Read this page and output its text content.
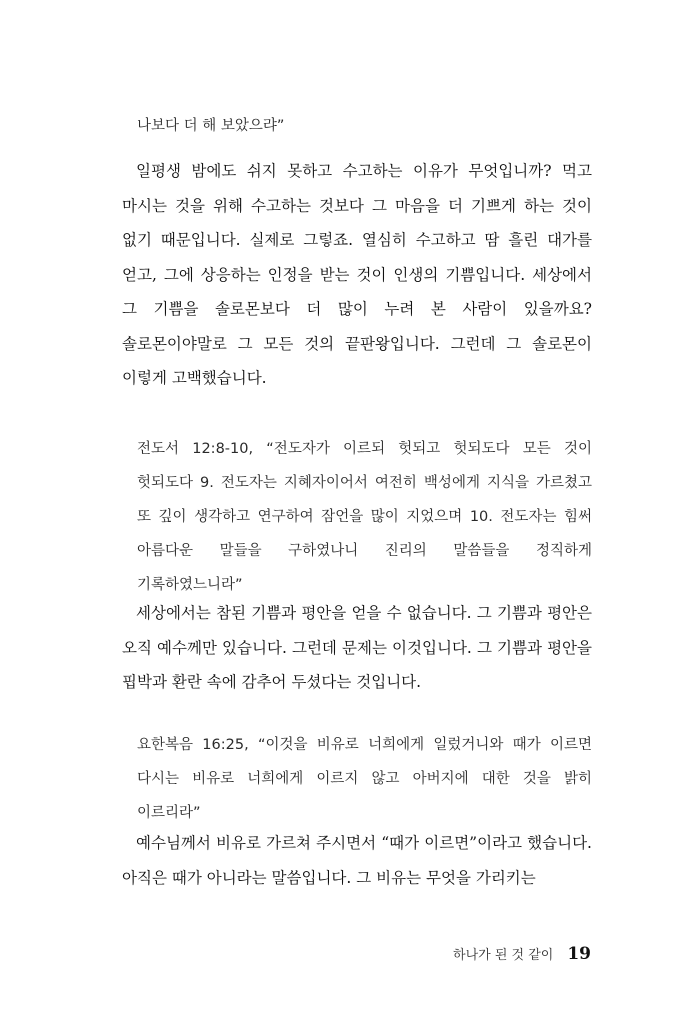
나보다 더 해 보았으랴”

일평생 밤에도 쉬지 못하고 수고하는 이유가 무엇입니까? 먹고 마시는 것을 위해 수고하는 것보다 그 마음을 더 기쁘게 하는 것이 없기 때문입니다. 실제로 그렇죠. 열심히 수고하고 땀 흘린 대가를 얻고, 그에 상응하는 인정을 받는 것이 인생의 기쁨입니다. 세상에서 그 기쁨을 솔로몬보다 더 많이 누려 본 사람이 있을까요? 솔로몬이야말로 그 모든 것의 끝판왕입니다. 그런데 그 솔로몬이 이렇게 고백했습니다.

전도서 12:8-10, “전도자가 이르되 헛되고 헛되도다 모든 것이 헛되도다 9. 전도자는 지혜자이어서 여전히 백성에게 지식을 가르쳤고 또 깊이 생각하고 연구하여 잠언을 많이 지었으며 10. 전도자는 힘써 아름다운 말들을 구하였나니 진리의 말씀들을 정직하게 기록하였느니라”

세상에서는 참된 기쁨과 평안을 얻을 수 없습니다. 그 기쁨과 평안은 오직 예수께만 있습니다. 그런데 문제는 이것입니다. 그 기쁨과 평안을 핍박과 환란 속에 감추어 두셨다는 것입니다.

요한복음 16:25, “이것을 비유로 너희에게 일렀거니와 때가 이르면 다시는 비유로 너희에게 이르지 않고 아버지에 대한 것을 밝히 이르리라”

예수님께서 비유로 가르쳐 주시면서 “때가 이르면”이라고 했습니다. 아직은 때가 아니라는 말씀입니다. 그 비유는 무엇을 가리키는

하나가 된 것 같이 19
